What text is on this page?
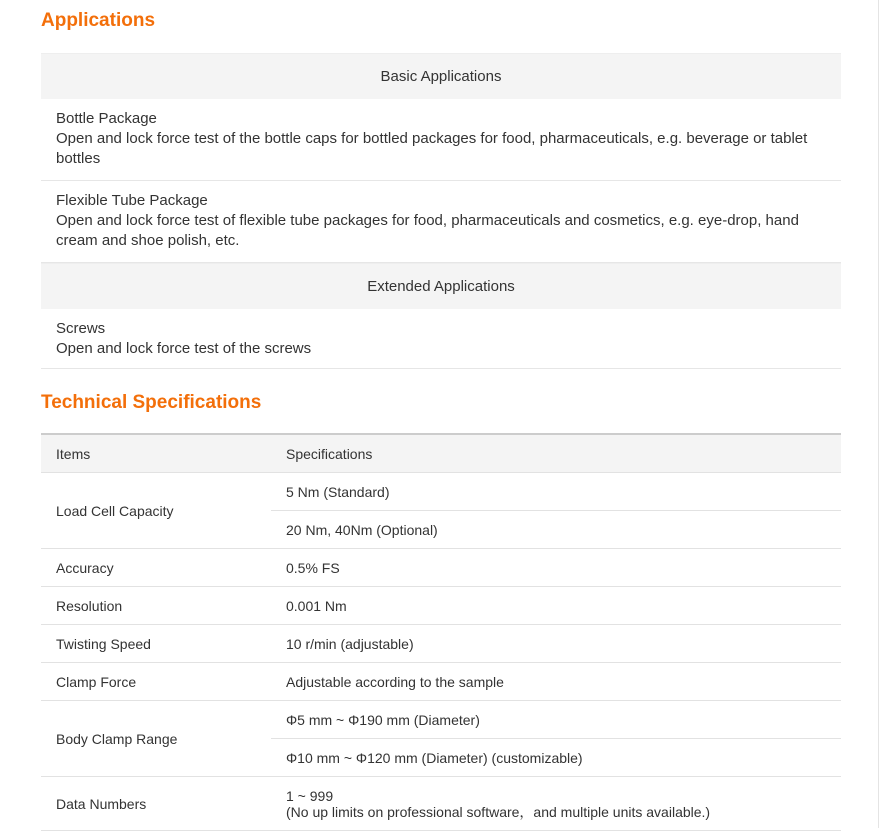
Applications
Basic Applications
Bottle Package
Open and lock force test of the bottle caps for bottled packages for food, pharmaceuticals, e.g. beverage or tablet bottles
Flexible Tube Package
Open and lock force test of flexible tube packages for food, pharmaceuticals and cosmetics, e.g. eye-drop, hand cream and shoe polish, etc.
Extended Applications
Screws
Open and lock force test of the screws
Technical Specifications
Items	Specifications
Load Cell Capacity	5 Nm (Standard)
	20 Nm, 40Nm (Optional)
Accuracy	0.5% FS
Resolution	0.001 Nm
Twisting Speed	10 r/min (adjustable)
Clamp Force	Adjustable according to the sample
Body Clamp Range	Φ5 mm ~ Φ190 mm (Diameter)
	Φ10 mm ~ Φ120 mm (Diameter) (customizable)
Data Numbers	1 ~ 999
(No up limits on professional software，and multiple units available.)
